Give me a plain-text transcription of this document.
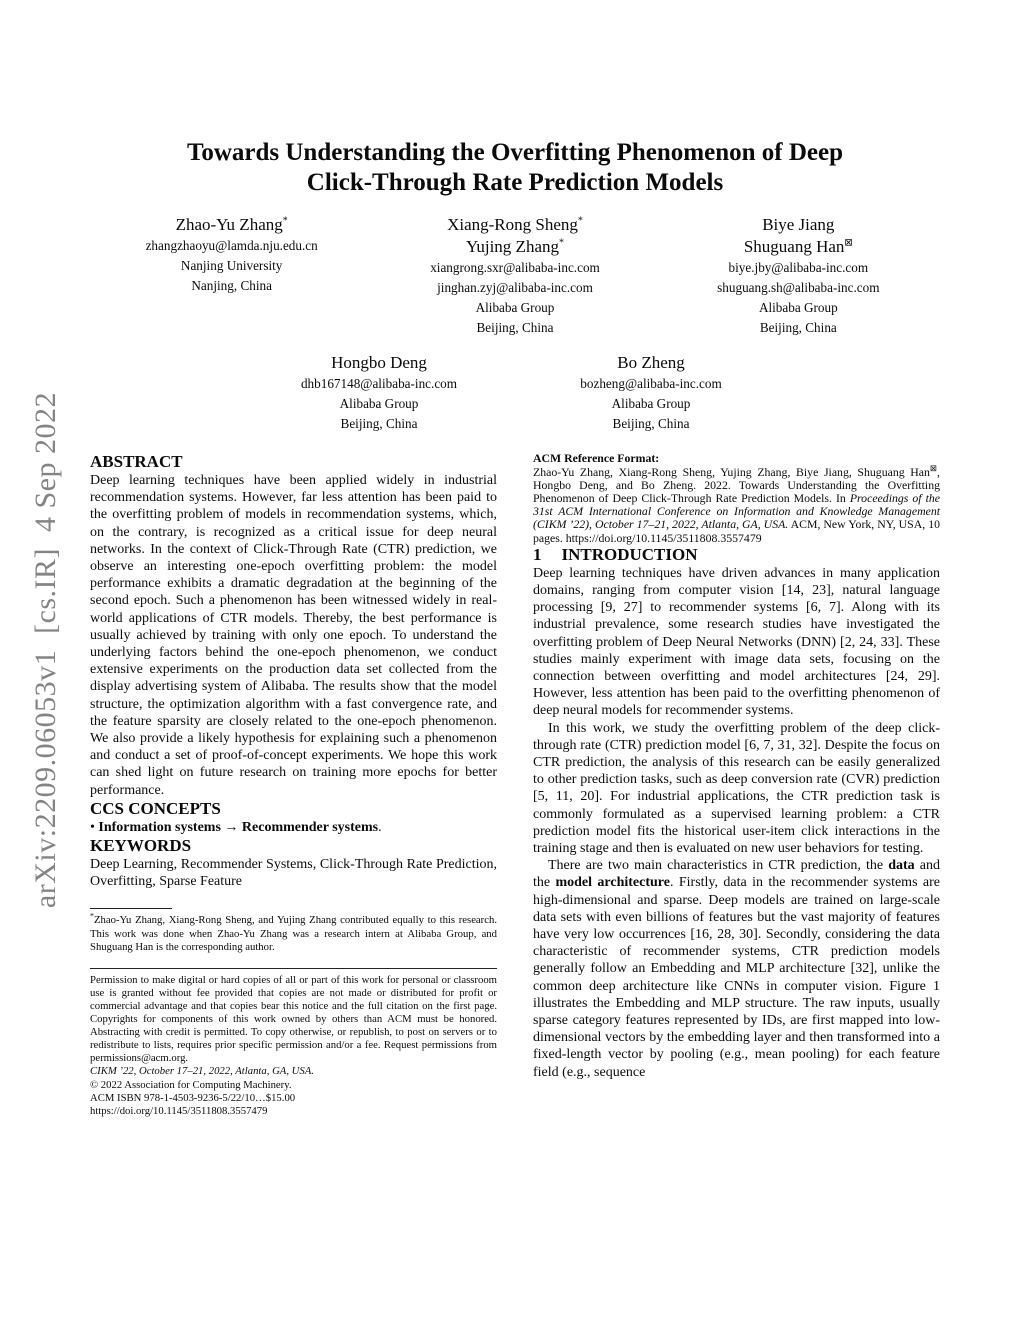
arXiv:2209.06053v1  [cs.IR]  4 Sep 2022
Towards Understanding the Overfitting Phenomenon of Deep
Click-Through Rate Prediction Models
Zhao-Yu Zhang*
zhangzhaoyu@lamda.nju.edu.cn
Nanjing University
Nanjing, China
Xiang-Rong Sheng*
Yujing Zhang*
xiangrong.sxr@alibaba-inc.com
jinghan.zyj@alibaba-inc.com
Alibaba Group
Beijing, China
Biye Jiang
Shuguang Han⊠
biye.jby@alibaba-inc.com
shuguang.sh@alibaba-inc.com
Alibaba Group
Beijing, China
Hongbo Deng
dhb167148@alibaba-inc.com
Alibaba Group
Beijing, China
Bo Zheng
bozheng@alibaba-inc.com
Alibaba Group
Beijing, China
ABSTRACT

Deep learning techniques have been applied widely in industrial recommendation systems. However, far less attention has been paid to the overfitting problem of models in recommendation systems, which, on the contrary, is recognized as a critical issue for deep neural networks. In the context of Click-Through Rate (CTR) prediction, we observe an interesting one-epoch overfitting problem: the model performance exhibits a dramatic degradation at the beginning of the second epoch. Such a phenomenon has been witnessed widely in real-world applications of CTR models. Thereby, the best performance is usually achieved by training with only one epoch. To understand the underlying factors behind the one-epoch phenomenon, we conduct extensive experiments on the production data set collected from the display advertising system of Alibaba. The results show that the model structure, the optimization algorithm with a fast convergence rate, and the feature sparsity are closely related to the one-epoch phenomenon. We also provide a likely hypothesis for explaining such a phenomenon and conduct a set of proof-of-concept experiments. We hope this work can shed light on future research on training more epochs for better performance.

CCS CONCEPTS

• Information systems → Recommender systems.

KEYWORDS

Deep Learning, Recommender Systems, Click-Through Rate Prediction, Overfitting, Sparse Feature

*Zhao-Yu Zhang, Xiang-Rong Sheng, and Yujing Zhang contributed equally to this research. This work was done when Zhao-Yu Zhang was a research intern at Alibaba Group, and Shuguang Han is the corresponding author.

Permission to make digital or hard copies of all or part of this work for personal or classroom use is granted without fee provided that copies are not made or distributed for profit or commercial advantage and that copies bear this notice and the full citation on the first page. Copyrights for components of this work owned by others than ACM must be honored. Abstracting with credit is permitted. To copy otherwise, or republish, to post on servers or to redistribute to lists, requires prior specific permission and/or a fee. Request permissions from permissions@acm.org.

CIKM ’22, October 17–21, 2022, Atlanta, GA, USA.

© 2022 Association for Computing Machinery.

ACM ISBN 978-1-4503-9236-5/22/10…$15.00

https://doi.org/10.1145/3511808.3557479

ACM Reference Format:

Zhao-Yu Zhang, Xiang-Rong Sheng, Yujing Zhang, Biye Jiang, Shuguang Han⊠, Hongbo Deng, and Bo Zheng. 2022. Towards Understanding the Overfitting Phenomenon of Deep Click-Through Rate Prediction Models. In Proceedings of the 31st ACM International Conference on Information and Knowledge Management (CIKM ’22), October 17–21, 2022, Atlanta, GA, USA. ACM, New York, NY, USA, 10 pages. https://doi.org/10.1145/3511808.3557479

1 INTRODUCTION

Deep learning techniques have driven advances in many application domains, ranging from computer vision [14, 23], natural language processing [9, 27] to recommender systems [6, 7]. Along with its industrial prevalence, some research studies have investigated the overfitting problem of Deep Neural Networks (DNN) [2, 24, 33]. These studies mainly experiment with image data sets, focusing on the connection between overfitting and model architectures [24, 29]. However, less attention has been paid to the overfitting phenomenon of deep neural models for recommender systems.

In this work, we study the overfitting problem of the deep click-through rate (CTR) prediction model [6, 7, 31, 32]. Despite the focus on CTR prediction, the analysis of this research can be easily generalized to other prediction tasks, such as deep conversion rate (CVR) prediction [5, 11, 20]. For industrial applications, the CTR prediction task is commonly formulated as a supervised learning problem: a CTR prediction model fits the historical user-item click interactions in the training stage and then is evaluated on new user behaviors for testing.

There are two main characteristics in CTR prediction, the data and the model architecture. Firstly, data in the recommender systems are high-dimensional and sparse. Deep models are trained on large-scale data sets with even billions of features but the vast majority of features have very low occurrences [16, 28, 30]. Secondly, considering the data characteristic of recommender systems, CTR prediction models generally follow an Embedding and MLP architecture [32], unlike the common deep architecture like CNNs in computer vision. Figure 1 illustrates the Embedding and MLP structure. The raw inputs, usually sparse category features represented by IDs, are first mapped into low-dimensional vectors by the embedding layer and then transformed into a fixed-length vector by pooling (e.g., mean pooling) for each feature field (e.g., sequence
